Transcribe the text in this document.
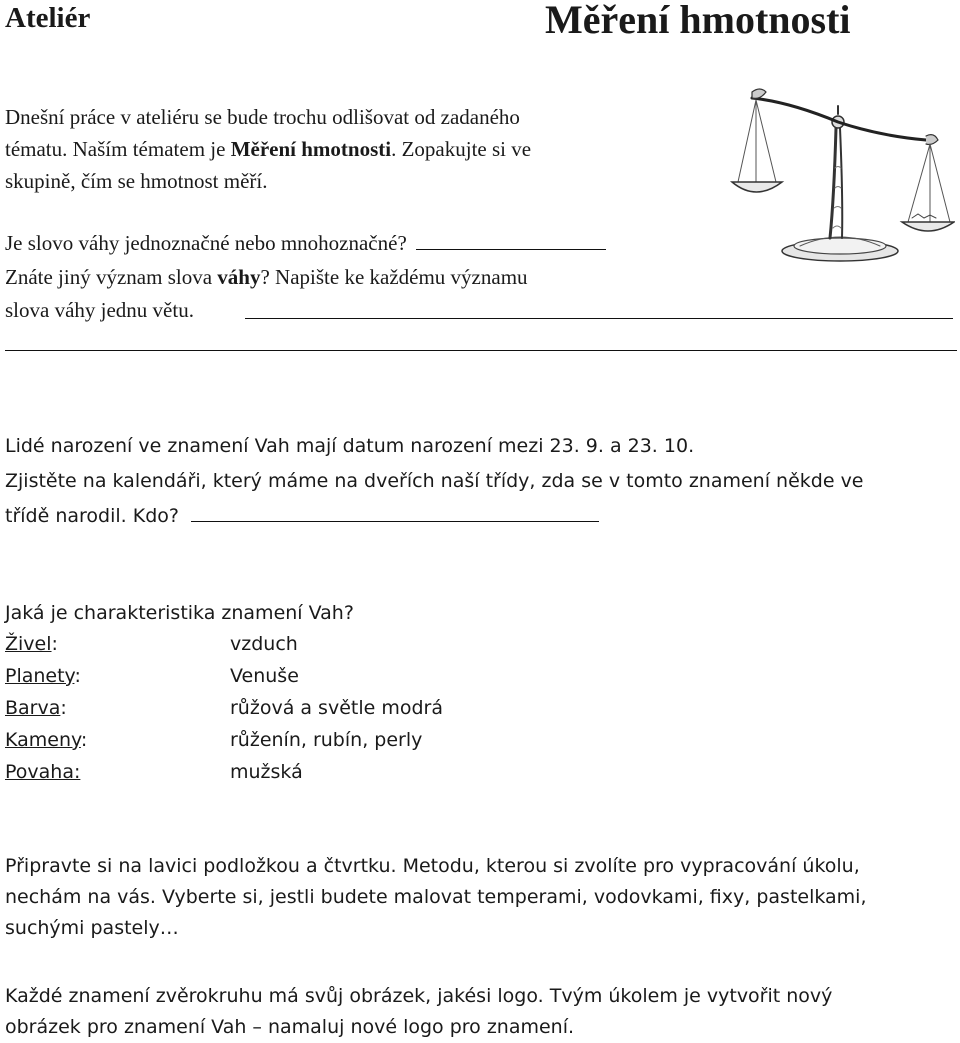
Ateliér	Měření hmotnosti
Dnešní práce v ateliéru se bude trochu odlišovat od zadaného
tématu. Naším tématem je Měření hmotnosti. Zopakujte si ve
skupině, čím se hmotnost měří.
Je slovo váhy jednoznačné nebo mnohoznačné?
Znáte jiný význam slova váhy? Napište ke každému významu
slova váhy jednu větu.
Lidé narození ve znamení Vah mají datum narození mezi 23. 9. a 23. 10.
Zjistěte na kalendáři, který máme na dveřích naší třídy, zda se v tomto znamení někde ve
třídě narodil. Kdo?
Jaká je charakteristika znamení Vah?
Živel:	vzduch
Planety:	Venuše
Barva:	růžová a světle modrá
Kameny:	růženín, rubín, perly
Povaha:	mužská
Připravte si na lavici podložkou a čtvrtku. Metodu, kterou si zvolíte pro vypracování úkolu,
nechám na vás. Vyberte si, jestli budete malovat temperami, vodovkami, fixy, pastelkami,
suchými pastely…
Každé znamení zvěrokruhu má svůj obrázek, jakési logo. Tvým úkolem je vytvořit nový
obrázek pro znamení Vah – namaluj nové logo pro znamení.
